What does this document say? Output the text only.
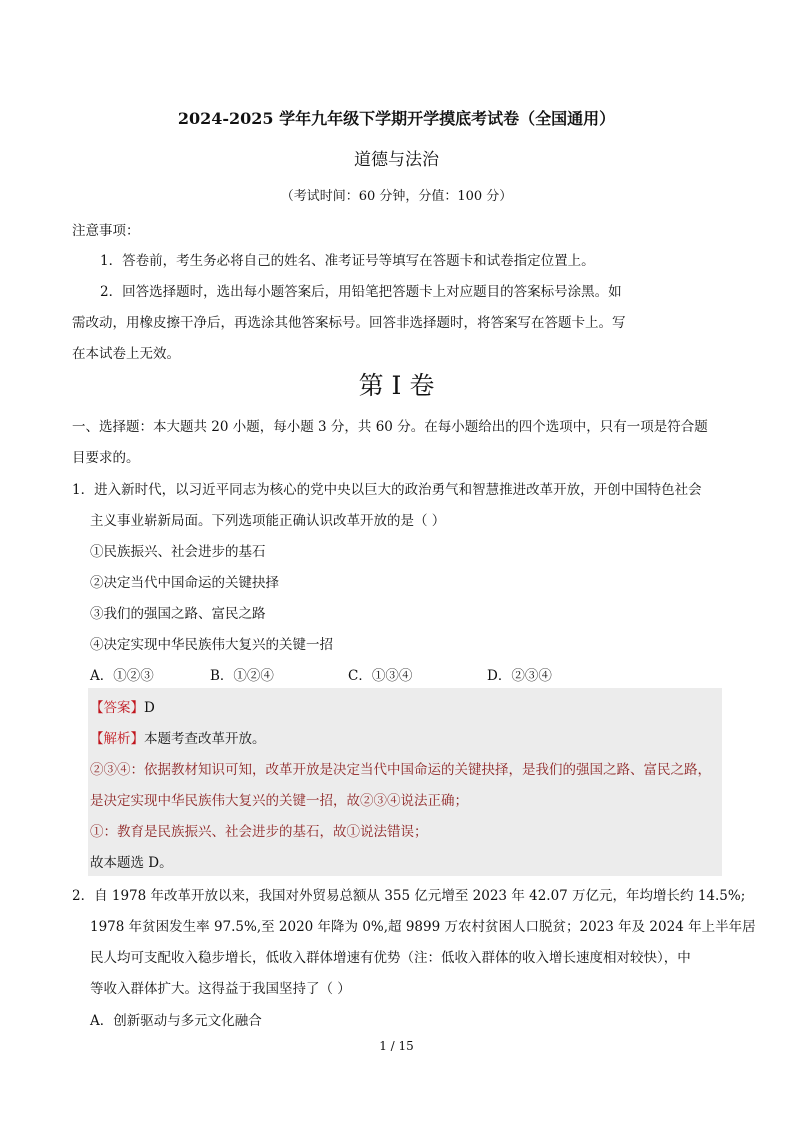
2024-2025 学年九年级下学期开学摸底考试卷（全国通用）
道德与法治
（考试时间：60 分钟，分值：100 分）
注意事项：
1．答卷前，考生务必将自己的姓名、准考证号等填写在答题卡和试卷指定位置上。
2．回答选择题时，选出每小题答案后，用铅笔把答题卡上对应题目的答案标号涂黑。如
需改动，用橡皮擦干净后，再选涂其他答案标号。回答非选择题时，将答案写在答题卡上。写
在本试卷上无效。
第 I 卷
一、选择题：本大题共 20 小题，每小题 3 分，共 60 分。在每小题给出的四个选项中，只有一项是符合题
目要求的。
1．进入新时代，以习近平同志为核心的党中央以巨大的政治勇气和智慧推进改革开放，开创中国特色社会
主义事业崭新局面。下列选项能正确认识改革开放的是（ ）
①民族振兴、社会进步的基石
②决定当代中国命运的关键抉择
③我们的强国之路、富民之路
④决定实现中华民族伟大复兴的关键一招
A．①②③	B．①②④	C．①③④	D．②③④
【答案】D
【解析】本题考查改革开放。
②③④：依据教材知识可知，改革开放是决定当代中国命运的关键抉择，是我们的强国之路、富民之路，
是决定实现中华民族伟大复兴的关键一招，故②③④说法正确；
①：教育是民族振兴、社会进步的基石，故①说法错误；
故本题选 D。
2．自 1978 年改革开放以来，我国对外贸易总额从 355 亿元增至 2023 年 42.07 万亿元，年均增长约 14.5%;
1978 年贫困发生率 97.5%,至 2020 年降为 0%,超 9899 万农村贫困人口脱贫；2023 年及 2024 年上半年居
民人均可支配收入稳步增长，低收入群体增速有优势（注：低收入群体的收入增长速度相对较快），中
等收入群体扩大。这得益于我国坚持了（ ）
A．创新驱动与多元文化融合
1 / 15
